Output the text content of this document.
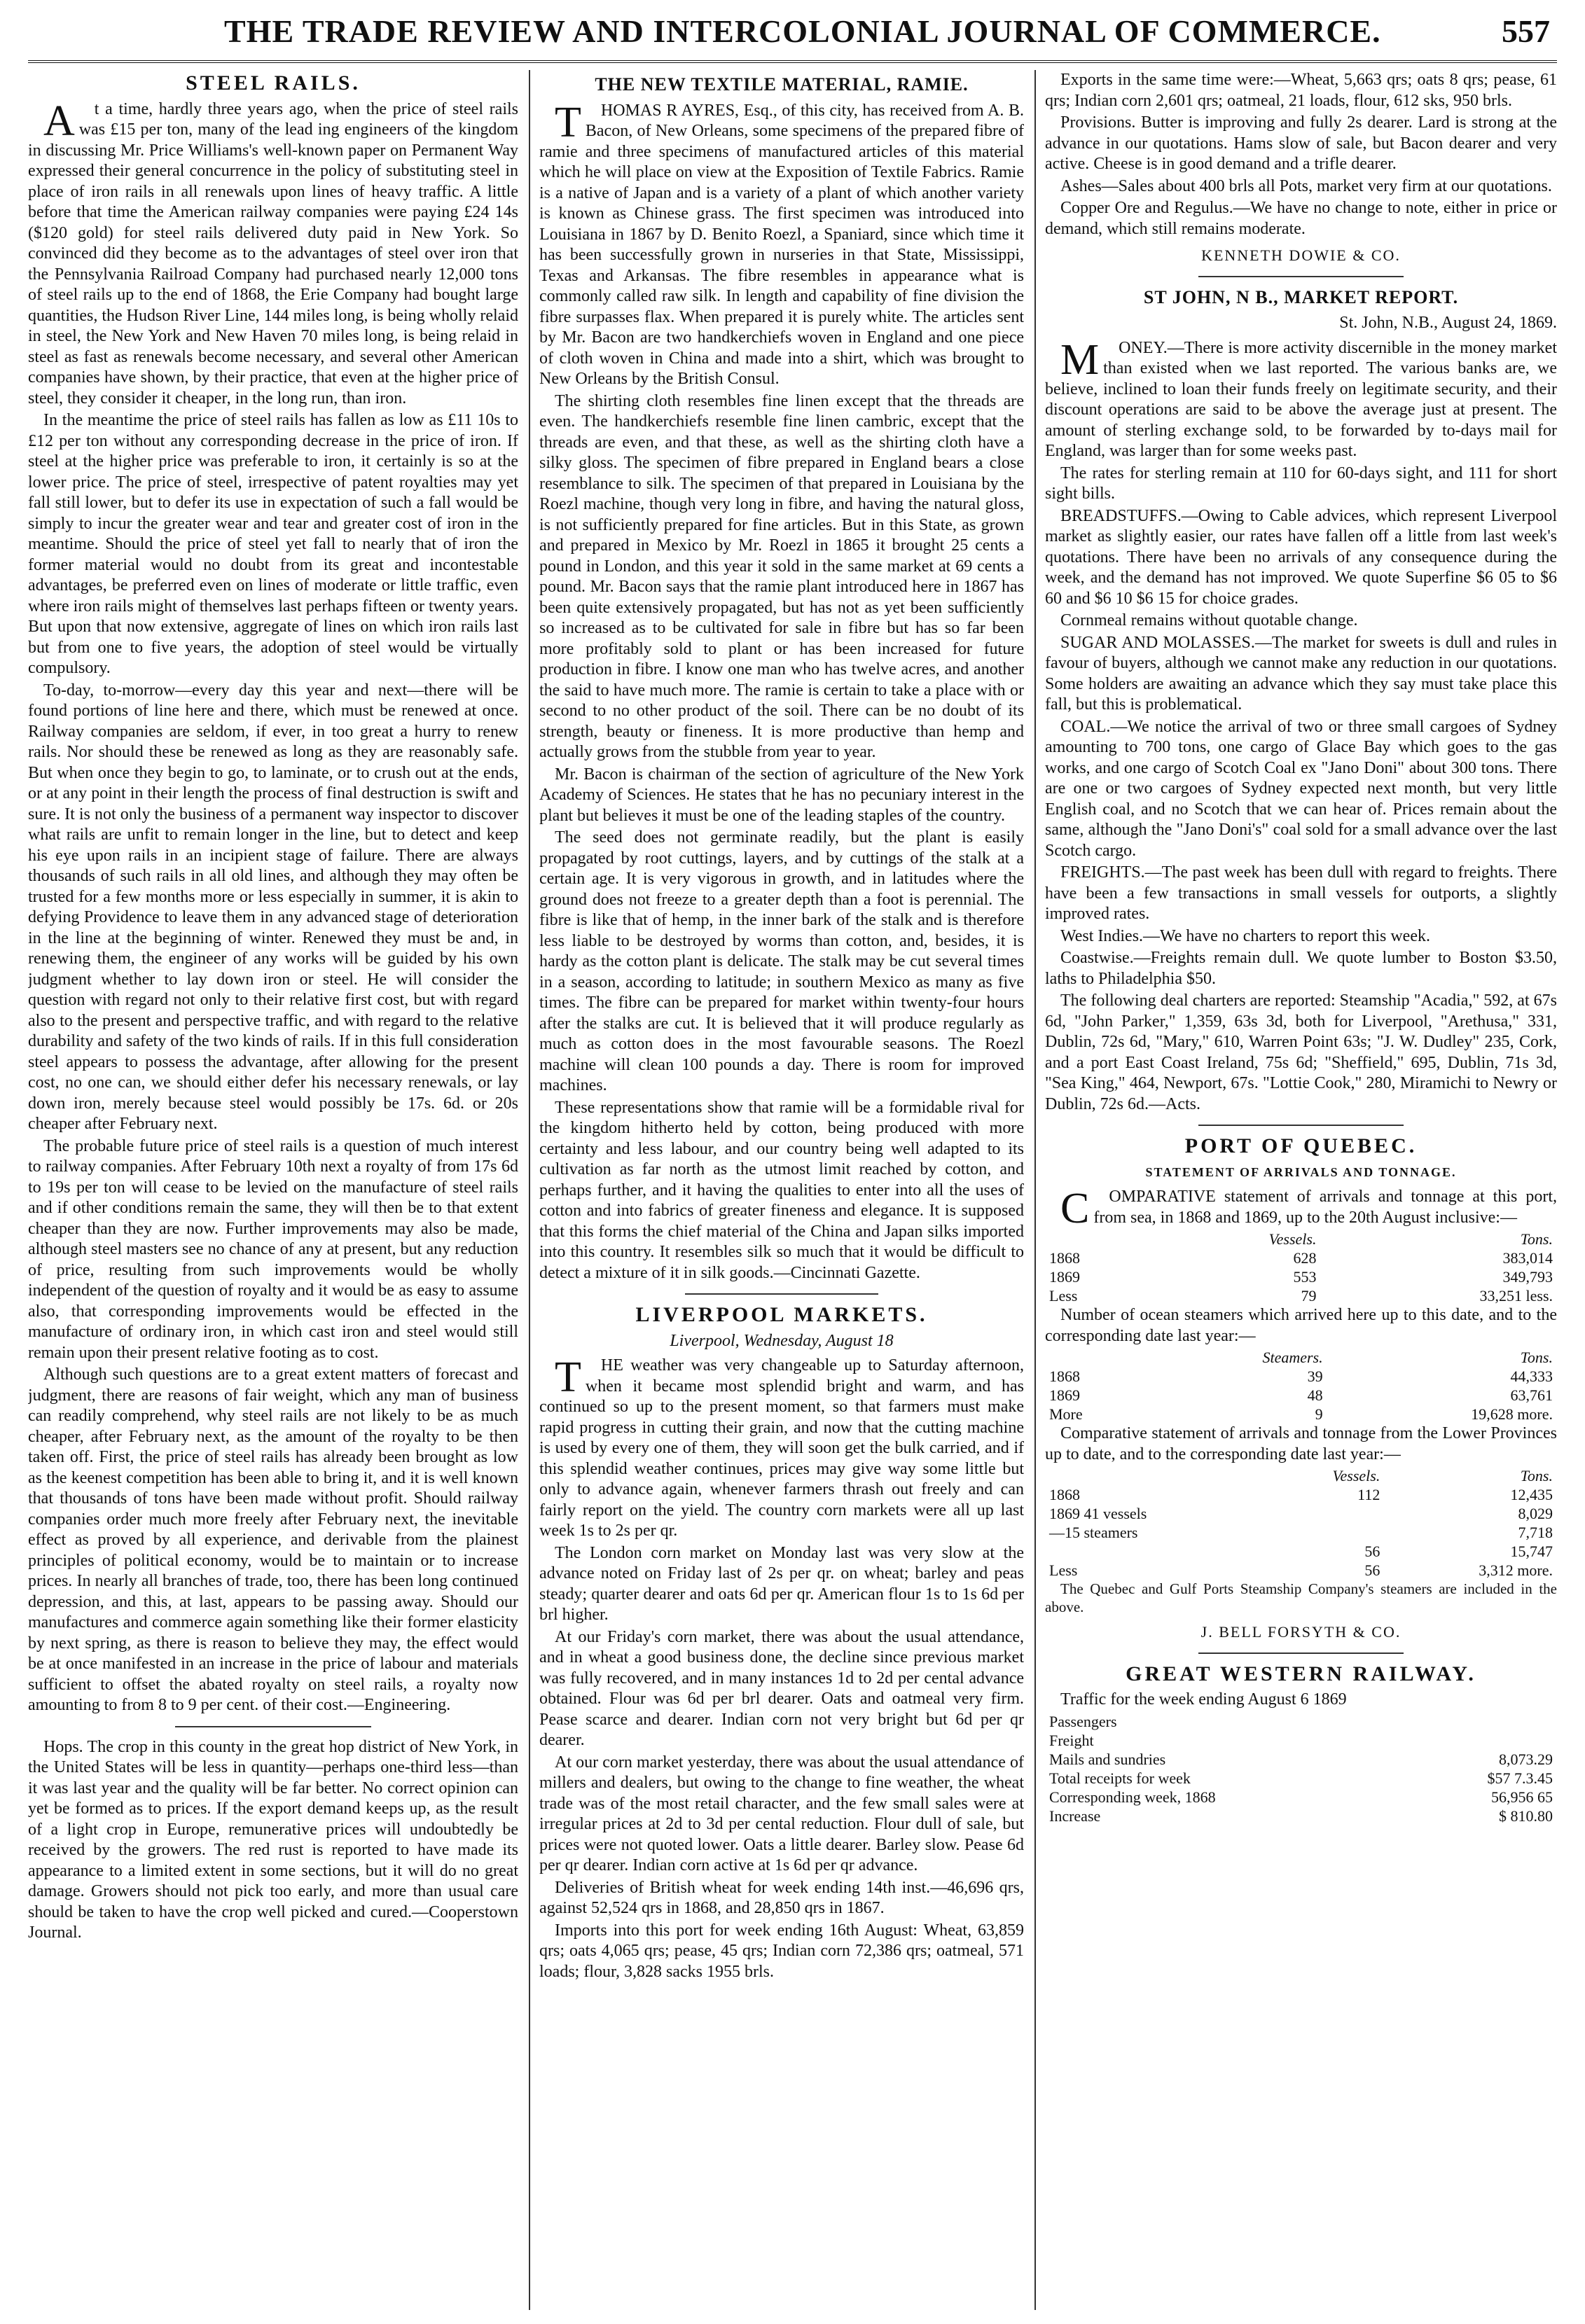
THE TRADE REVIEW AND INTERCOLONIAL JOURNAL OF COMMERCE.	557
STEEL RAILS.

At a time, hardly three years ago, when the price of steel rails was £15 per ton, many of the lead ing engineers of the kingdom in discussing Mr. Price Williams's well-known paper on Permanent Way expressed their general concurrence in the policy of substituting steel in place of iron rails in all renewals upon lines of heavy traffic. A little before that time the American railway companies were paying £24 14s ($120 gold) for steel rails delivered duty paid in New York. So convinced did they become as to the advantages of steel over iron that the Pennsylvania Railroad Company had purchased nearly 12,000 tons of steel rails up to the end of 1868, the Erie Company had bought large quantities, the Hudson River Line, 144 miles long, is being wholly relaid in steel, the New York and New Haven 70 miles long, is being relaid in steel as fast as renewals become necessary, and several other American companies have shown, by their practice, that even at the higher price of steel, they consider it cheaper, in the long run, than iron.

In the meantime the price of steel rails has fallen as low as £11 10s to £12 per ton without any corresponding decrease in the price of iron. If steel at the higher price was preferable to iron, it certainly is so at the lower price. The price of steel, irrespective of patent royalties may yet fall still lower, but to defer its use in expectation of such a fall would be simply to incur the greater wear and tear and greater cost of iron in the meantime. Should the price of steel yet fall to nearly that of iron the former material would no doubt from its great and incontestable advantages, be preferred even on lines of moderate or little traffic, even where iron rails might of themselves last perhaps fifteen or twenty years. But upon that now extensive, aggregate of lines on which iron rails last but from one to five years, the adoption of steel would be virtually compulsory.

To-day, to-morrow—every day this year and next—there will be found portions of line here and there, which must be renewed at once. Railway companies are seldom, if ever, in too great a hurry to renew rails. Nor should these be renewed as long as they are reasonably safe. But when once they begin to go, to laminate, or to crush out at the ends, or at any point in their length the process of final destruction is swift and sure. It is not only the business of a permanent way inspector to discover what rails are unfit to remain longer in the line, but to detect and keep his eye upon rails in an incipient stage of failure. There are always thousands of such rails in all old lines, and although they may often be trusted for a few months more or less especially in summer, it is akin to defying Providence to leave them in any advanced stage of deterioration in the line at the beginning of winter. Renewed they must be and, in renewing them, the engineer of any works will be guided by his own judgment whether to lay down iron or steel. He will consider the question with regard not only to their relative first cost, but with regard also to the present and perspective traffic, and with regard to the relative durability and safety of the two kinds of rails. If in this full consideration steel appears to possess the advantage, after allowing for the present cost, no one can, we should either defer his necessary renewals, or lay down iron, merely because steel would possibly be 17s. 6d. or 20s cheaper after February next.

The probable future price of steel rails is a question of much interest to railway companies. After February 10th next a royalty of from 17s 6d to 19s per ton will cease to be levied on the manufacture of steel rails and if other conditions remain the same, they will then be to that extent cheaper than they are now. Further improvements may also be made, although steel masters see no chance of any at present, but any reduction of price, resulting from such improvements would be wholly independent of the question of royalty and it would be as easy to assume also, that corresponding improvements would be effected in the manufacture of ordinary iron, in which cast iron and steel would still remain upon their present relative footing as to cost.

Although such questions are to a great extent matters of forecast and judgment, there are reasons of fair weight, which any man of business can readily comprehend, why steel rails are not likely to be as much cheaper, after February next, as the amount of the royalty to be then taken off. First, the price of steel rails has already been brought as low as the keenest competition has been able to bring it, and it is well known that thousands of tons have been made without profit. Should railway companies order much more freely after February next, the inevitable effect as proved by all experience, and derivable from the plainest principles of political economy, would be to maintain or to increase prices. In nearly all branches of trade, too, there has been long continued depression, and this, at last, appears to be passing away. Should our manufactures and commerce again something like their former elasticity by next spring, as there is reason to believe they may, the effect would be at once manifested in an increase in the price of labour and materials sufficient to offset the abated royalty on steel rails, a royalty now amounting to from 8 to 9 per cent. of their cost.—Engineering.

Hops. The crop in this county in the great hop district of New York, in the United States will be less in quantity—perhaps one-third less—than it was last year and the quality will be far better. No correct opinion can yet be formed as to prices. If the export demand keeps up, as the result of a light crop in Europe, remunerative prices will undoubtedly be received by the growers. The red rust is reported to have made its appearance to a limited extent in some sections, but it will do no great damage. Growers should not pick too early, and more than usual care should be taken to have the crop well picked and cured.—Cooperstown Journal.

THE NEW TEXTILE MATERIAL, RAMIE.

THOMAS R AYRES, Esq., of this city, has received from A. B. Bacon, of New Orleans, some specimens of the prepared fibre of ramie and three specimens of manufactured articles of this material which he will place on view at the Exposition of Textile Fabrics. Ramie is a native of Japan and is a variety of a plant of which another variety is known as Chinese grass. The first specimen was introduced into Louisiana in 1867 by D. Benito Roezl, a Spaniard, since which time it has been successfully grown in nurseries in that State, Mississippi, Texas and Arkansas. The fibre resembles in appearance what is commonly called raw silk. In length and capability of fine division the fibre surpasses flax. When prepared it is purely white. The articles sent by Mr. Bacon are two handkerchiefs woven in England and one piece of cloth woven in China and made into a shirt, which was brought to New Orleans by the British Consul.

The shirting cloth resembles fine linen except that the threads are even. The handkerchiefs resemble fine linen cambric, except that the threads are even, and that these, as well as the shirting cloth have a silky gloss. The specimen of fibre prepared in England bears a close resemblance to silk. The specimen of that prepared in Louisiana by the Roezl machine, though very long in fibre, and having the natural gloss, is not sufficiently prepared for fine articles. But in this State, as grown and prepared in Mexico by Mr. Roezl in 1865 it brought 25 cents a pound in London, and this year it sold in the same market at 69 cents a pound. Mr. Bacon says that the ramie plant introduced here in 1867 has been quite extensively propagated, but has not as yet been sufficiently so increased as to be cultivated for sale in fibre but has so far been more profitably sold to plant or has been increased for future production in fibre. I know one man who has twelve acres, and another the said to have much more. The ramie is certain to take a place with or second to no other product of the soil. There can be no doubt of its strength, beauty or fineness. It is more productive than hemp and actually grows from the stubble from year to year.

Mr. Bacon is chairman of the section of agriculture of the New York Academy of Sciences. He states that he has no pecuniary interest in the plant but believes it must be one of the leading staples of the country.

The seed does not germinate readily, but the plant is easily propagated by root cuttings, layers, and by cuttings of the stalk at a certain age. It is very vigorous in growth, and in latitudes where the ground does not freeze to a greater depth than a foot is perennial. The fibre is like that of hemp, in the inner bark of the stalk and is therefore less liable to be destroyed by worms than cotton, and, besides, it is hardy as the cotton plant is delicate. The stalk may be cut several times in a season, according to latitude; in southern Mexico as many as five times. The fibre can be prepared for market within twenty-four hours after the stalks are cut. It is believed that it will produce regularly as much as cotton does in the most favourable seasons. The Roezl machine will clean 100 pounds a day. There is room for improved machines.

These representations show that ramie will be a formidable rival for the kingdom hitherto held by cotton, being produced with more certainty and less labour, and our country being well adapted to its cultivation as far north as the utmost limit reached by cotton, and perhaps further, and it having the qualities to enter into all the uses of cotton and into fabrics of greater fineness and elegance. It is supposed that this forms the chief material of the China and Japan silks imported into this country. It resembles silk so much that it would be difficult to detect a mixture of it in silk goods.—Cincinnati Gazette.

LIVERPOOL MARKETS.
Liverpool, Wednesday, August 18

THE weather was very changeable up to Saturday afternoon, when it became most splendid bright and warm, and has continued so up to the present moment, so that farmers must make rapid progress in cutting their grain, and now that the cutting machine is used by every one of them, they will soon get the bulk carried, and if this splendid weather continues, prices may give way some little but only to advance again, whenever farmers thrash out freely and can fairly report on the yield. The country corn markets were all up last week 1s to 2s per qr.

The London corn market on Monday last was very slow at the advance noted on Friday last of 2s per qr. on wheat; barley and peas steady; quarter dearer and oats 6d per qr. American flour 1s to 1s 6d per brl higher.

At our Friday's corn market, there was about the usual attendance, and in wheat a good business done, the decline since previous market was fully recovered, and in many instances 1d to 2d per cental advance obtained. Flour was 6d per brl dearer. Oats and oatmeal very firm. Pease scarce and dearer. Indian corn not very bright but 6d per qr dearer.

At our corn market yesterday, there was about the usual attendance of millers and dealers, but owing to the change to fine weather, the wheat trade was of the most retail character, and the few small sales were at irregular prices at 2d to 3d per cental reduction. Flour dull of sale, but prices were not quoted lower. Oats a little dearer. Barley slow. Pease 6d per qr dearer. Indian corn active at 1s 6d per qr advance.

Deliveries of British wheat for week ending 14th inst.—46,696 qrs, against 52,524 qrs in 1868, and 28,850 qrs in 1867.

Imports into this port for week ending 16th August: Wheat, 63,859 qrs; oats 4,065 qrs; pease, 45 qrs; Indian corn 72,386 qrs; oatmeal, 571 loads; flour, 3,828 sacks 1955 brls.

Exports in the same time were:—Wheat, 5,663 qrs; oats 8 qrs; pease, 61 qrs; Indian corn 2,601 qrs; oatmeal, 21 loads, flour, 612 sks, 950 brls.

Provisions. Butter is improving and fully 2s dearer. Lard is strong at the advance in our quotations. Hams slow of sale, but Bacon dearer and very active. Cheese is in good demand and a trifle dearer.

Ashes—Sales about 400 brls all Pots, market very firm at our quotations.

Copper Ore and Regulus.—We have no change to note, either in price or demand, which still remains moderate.

KENNETH DOWIE & CO.
ST JOHN, N B., MARKET REPORT.
St. John, N.B., August 24, 1869.

MONEY.—There is more activity discernible in the money market than existed when we last reported. The various banks are, we believe, inclined to loan their funds freely on legitimate security, and their discount operations are said to be above the average just at present. The amount of sterling exchange sold, to be forwarded by to-days mail for England, was larger than for some weeks past.

The rates for sterling remain at 110 for 60-days sight, and 111 for short sight bills.

BREADSTUFFS.—Owing to Cable advices, which represent Liverpool market as slightly easier, our rates have fallen off a little from last week's quotations. There have been no arrivals of any consequence during the week, and the demand has not improved. We quote Superfine $6 05 to $6 60 and $6 10 $6 15 for choice grades.

Cornmeal remains without quotable change.

SUGAR AND MOLASSES.—The market for sweets is dull and rules in favour of buyers, although we cannot make any reduction in our quotations. Some holders are awaiting an advance which they say must take place this fall, but this is problematical.

COAL.—We notice the arrival of two or three small cargoes of Sydney amounting to 700 tons, one cargo of Glace Bay which goes to the gas works, and one cargo of Scotch Coal ex "Jano Doni" about 300 tons. There are one or two cargoes of Sydney expected next month, but very little English coal, and no Scotch that we can hear of. Prices remain about the same, although the "Jano Doni's" coal sold for a small advance over the last Scotch cargo.

FREIGHTS.—The past week has been dull with regard to freights. There have been a few transactions in small vessels for outports, a slightly improved rates.

West Indies.—We have no charters to report this week.

Coastwise.—Freights remain dull. We quote lumber to Boston $3.50, laths to Philadelphia $50.

The following deal charters are reported: Steamship "Acadia," 592, at 67s 6d, "John Parker," 1,359, 63s 3d, both for Liverpool, "Arethusa," 331, Dublin, 72s 6d, "Mary," 610, Warren Point 63s; "J. W. Dudley" 235, Cork, and a port East Coast Ireland, 75s 6d; "Sheffield," 695, Dublin, 71s 3d, "Sea King," 464, Newport, 67s. "Lottie Cook," 280, Miramichi to Newry or Dublin, 72s 6d.—Acts.

PORT OF QUEBEC.
STATEMENT OF ARRIVALS AND TONNAGE.

COMPARATIVE statement of arrivals and tonnage at this port, from sea, in 1868 and 1869, up to the 20th August inclusive:—

	Vessels.	Tons.
1868	628	383,014
1869	553	349,793
Less	79	33,251 less.

Number of ocean steamers which arrived here up to this date, and to the corresponding date last year:—

	Steamers.	Tons.
1868	39	44,333
1869	48	63,761
More	9	19,628 more.

Comparative statement of arrivals and tonnage from the Lower Provinces up to date, and to the corresponding date last year:—

	Vessels.	Tons.
1868	112	12,435
1869 41 vessels		8,029
—15 steamers		7,718
	56	15,747
Less	56	3,312 more.

The Quebec and Gulf Ports Steamship Company's steamers are included in the above.

J. BELL FORSYTH & CO.
GREAT WESTERN RAILWAY.

Traffic for the week ending August 6 1869

Passengers	
Freight	
Mails and sundries	8,073.29
Total receipts for week	$57 7.3.45
Corresponding week, 1868	56,956 65
Increase	$ 810.80
